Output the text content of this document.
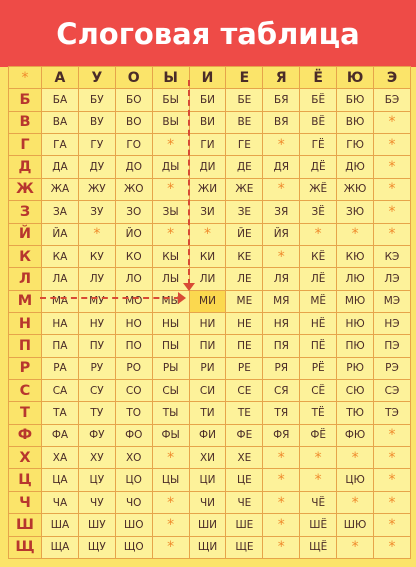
Слоговая таблица
*	А	У	О	Ы	И	Е	Я	Ё	Ю	Э
Б	БА	БУ	БО	БЫ	БИ	БЕ	БЯ	БЁ	БЮ	БЭ
В	ВА	ВУ	ВО	ВЫ	ВИ	ВЕ	ВЯ	ВЁ	ВЮ	*
Г	ГА	ГУ	ГО	*	ГИ	ГЕ	*	ГЁ	ГЮ	*
Д	ДА	ДУ	ДО	ДЫ	ДИ	ДЕ	ДЯ	ДЁ	ДЮ	*
Ж	ЖА	ЖУ	ЖО	*	ЖИ	ЖЕ	*	ЖЁ	ЖЮ	*
З	ЗА	ЗУ	ЗО	ЗЫ	ЗИ	ЗЕ	ЗЯ	ЗЁ	ЗЮ	*
Й	ЙА	*	ЙО	*	*	ЙЕ	ЙЯ	*	*	*
К	КА	КУ	КО	КЫ	КИ	КЕ	*	КЁ	КЮ	КЭ
Л	ЛА	ЛУ	ЛО	ЛЫ	ЛИ	ЛЕ	ЛЯ	ЛЁ	ЛЮ	ЛЭ
М	МА	МУ	МО	МЫ	МИ	МЕ	МЯ	МЁ	МЮ	МЭ
Н	НА	НУ	НО	НЫ	НИ	НЕ	НЯ	НЁ	НЮ	НЭ
П	ПА	ПУ	ПО	ПЫ	ПИ	ПЕ	ПЯ	ПЁ	ПЮ	ПЭ
Р	РА	РУ	РО	РЫ	РИ	РЕ	РЯ	РЁ	РЮ	РЭ
С	СА	СУ	СО	СЫ	СИ	СЕ	СЯ	СЁ	СЮ	СЭ
Т	ТА	ТУ	ТО	ТЫ	ТИ	ТЕ	ТЯ	ТЁ	ТЮ	ТЭ
Ф	ФА	ФУ	ФО	ФЫ	ФИ	ФЕ	ФЯ	ФЁ	ФЮ	*
Х	ХА	ХУ	ХО	*	ХИ	ХЕ	*	*	*	*
Ц	ЦА	ЦУ	ЦО	ЦЫ	ЦИ	ЦЕ	*	*	ЦЮ	*
Ч	ЧА	ЧУ	ЧО	*	ЧИ	ЧЕ	*	ЧЁ	*	*
Ш	ША	ШУ	ШО	*	ШИ	ШЕ	*	ШЁ	ШЮ	*
Щ	ЩА	ЩУ	ЩО	*	ЩИ	ЩЕ	*	ЩЁ	*	*
